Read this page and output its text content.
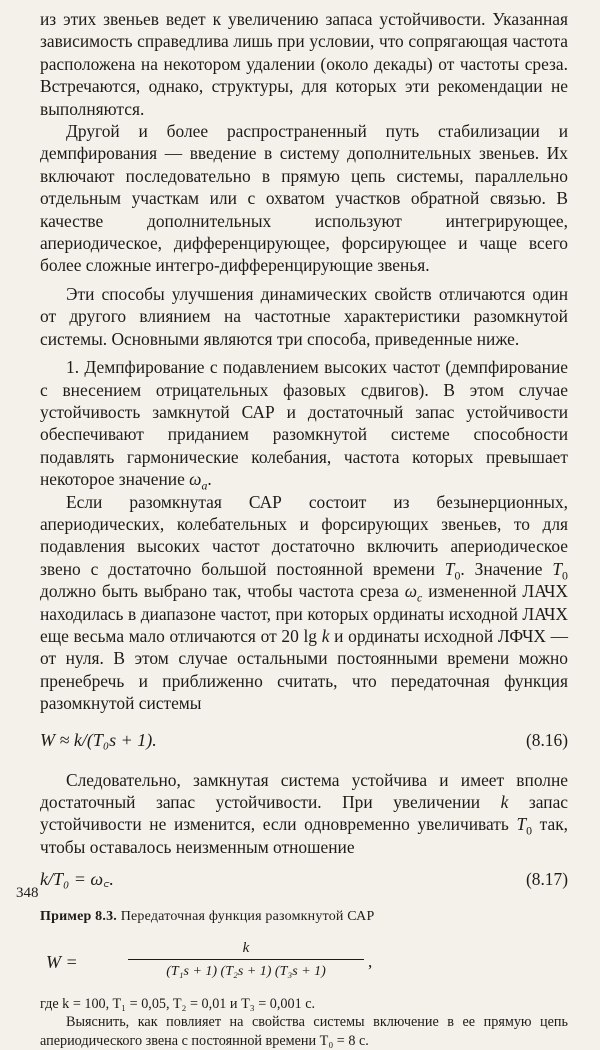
из этих звеньев ведет к увеличению запаса устойчивости. Указанная зависимость справедлива лишь при условии, что сопрягающая частота расположена на некотором удалении (около декады) от частоты среза. Встречаются, однако, структуры, для которых эти рекомендации не выполняются.

Другой и более распространенный путь стабилизации и демпфирования — введение в систему дополнительных звеньев. Их включают последовательно в прямую цепь системы, параллельно отдельным участкам или с охватом участков обратной связью. В качестве дополнительных используют интегрирующее, апериодическое, дифференцирующее, форсирующее и чаще всего более сложные интегро-дифференцирующие звенья.

Эти способы улучшения динамических свойств отличаются один от другого влиянием на частотные характеристики разомкнутой системы. Основными являются три способа, приведенные ниже.

1. Демпфирование с подавлением высоких частот (демпфирование с внесением отрицательных фазовых сдвигов). В этом случае устойчивость замкнутой САР и достаточный запас устойчивости обеспечивают приданием разомкнутой системе способности подавлять гармонические колебания, частота которых превышает некоторое значение $\omega_a$.

Если разомкнутая САР состоит из безынерционных, апериодических, колебательных и форсирующих звеньев, то для подавления высоких частот достаточно включить апериодическое звено с достаточно большой постоянной времени $T_0$. Значение $T_0$ должно быть выбрано так, чтобы частота среза $\omega_c$ измененной ЛАЧХ находилась в диапазоне частот, при которых ординаты исходной ЛАЧХ еще весьма мало отличаются от 20 lg k и ординаты исходной ЛФЧХ — от нуля. В этом случае остальными постоянными времени можно пренебречь и приближенно считать, что передаточная функция разомкнутой системы

W ≈ k/(T₀s + 1).	(8.16)

Следовательно, замкнутая система устойчива и имеет вполне достаточный запас устойчивости. При увеличении k запас устойчивости не изменится, если одновременно увеличивать $T_0$ так, чтобы оставалось неизменным отношение

k/T₀ = ω꜀.	(8.17)

Пример 8.3. Передаточная функция разомкнутой САР

W =
k
(T₁s + 1) (T₂s + 1) (T₃s + 1)
,

где k = 100, T₁ = 0,05, T₂ = 0,01 и T₃ = 0,001 с.

Выяснить, как повлияет на свойства системы включение в ее прямую цепь апериодического звена с постоянной времени T₀ = 8 с.

348
